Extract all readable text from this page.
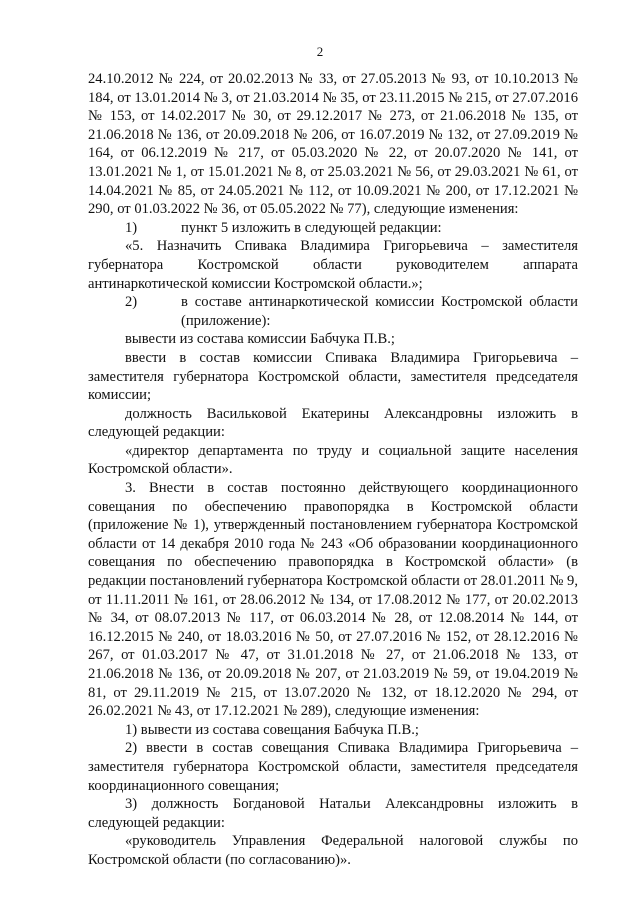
2

24.10.2012 № 224, от 20.02.2013 № 33, от 27.05.2013 № 93, от 10.10.2013 № 184, от 13.01.2014 № 3, от 21.03.2014 № 35, от 23.11.2015 № 215, от 27.07.2016 № 153, от 14.02.2017 № 30, от 29.12.2017 № 273, от 21.06.2018 № 135, от 21.06.2018 № 136, от 20.09.2018 № 206, от 16.07.2019 № 132, от 27.09.2019 № 164, от 06.12.2019 № 217, от 05.03.2020 № 22, от 20.07.2020 № 141, от 13.01.2021 № 1, от 15.01.2021 № 8, от 25.03.2021 № 56, от 29.03.2021 № 61, от 14.04.2021 № 85, от 24.05.2021 № 112, от 10.09.2021 № 200, от 17.12.2021 № 290, от 01.03.2022 № 36, от 05.05.2022 № 77), следующие изменения:

1)	пункт 5 изложить в следующей редакции:

«5. Назначить Спивака Владимира Григорьевича – заместителя губернатора Костромской области руководителем аппарата антинаркотической комиссии Костромской области.»;

2)	в составе антинаркотической комиссии Костромской области (приложение):

вывести из состава комиссии Бабчука П.В.;

ввести в состав комиссии Спивака Владимира Григорьевича – заместителя губернатора Костромской области, заместителя председателя комиссии;

должность Васильковой Екатерины Александровны изложить в следующей редакции:

«директор департамента по труду и социальной защите населения Костромской области».

3. Внести в состав постоянно действующего координационного совещания по обеспечению правопорядка в Костромской области (приложение № 1), утвержденный постановлением губернатора Костромской области от 14 декабря 2010 года № 243 «Об образовании координационного совещания по обеспечению правопорядка в Костромской области» (в редакции постановлений губернатора Костромской области от 28.01.2011 № 9, от 11.11.2011 № 161, от 28.06.2012 № 134, от 17.08.2012 № 177, от 20.02.2013 № 34, от 08.07.2013 № 117, от 06.03.2014 № 28, от 12.08.2014 № 144, от 16.12.2015 № 240, от 18.03.2016 № 50, от 27.07.2016 № 152, от 28.12.2016 № 267, от 01.03.2017 № 47, от 31.01.2018 № 27, от 21.06.2018 № 133, от 21.06.2018 № 136, от 20.09.2018 № 207, от 21.03.2019 № 59, от 19.04.2019 № 81, от 29.11.2019 № 215, от 13.07.2020 № 132, от 18.12.2020 № 294, от 26.02.2021 № 43, от 17.12.2021 № 289), следующие изменения:

1) вывести из состава совещания Бабчука П.В.;

2) ввести в состав совещания Спивака Владимира Григорьевича – заместителя губернатора Костромской области, заместителя председателя координационного совещания;

3) должность Богдановой Натальи Александровны изложить в следующей редакции:

«руководитель Управления Федеральной налоговой службы по Костромской области (по согласованию)».
